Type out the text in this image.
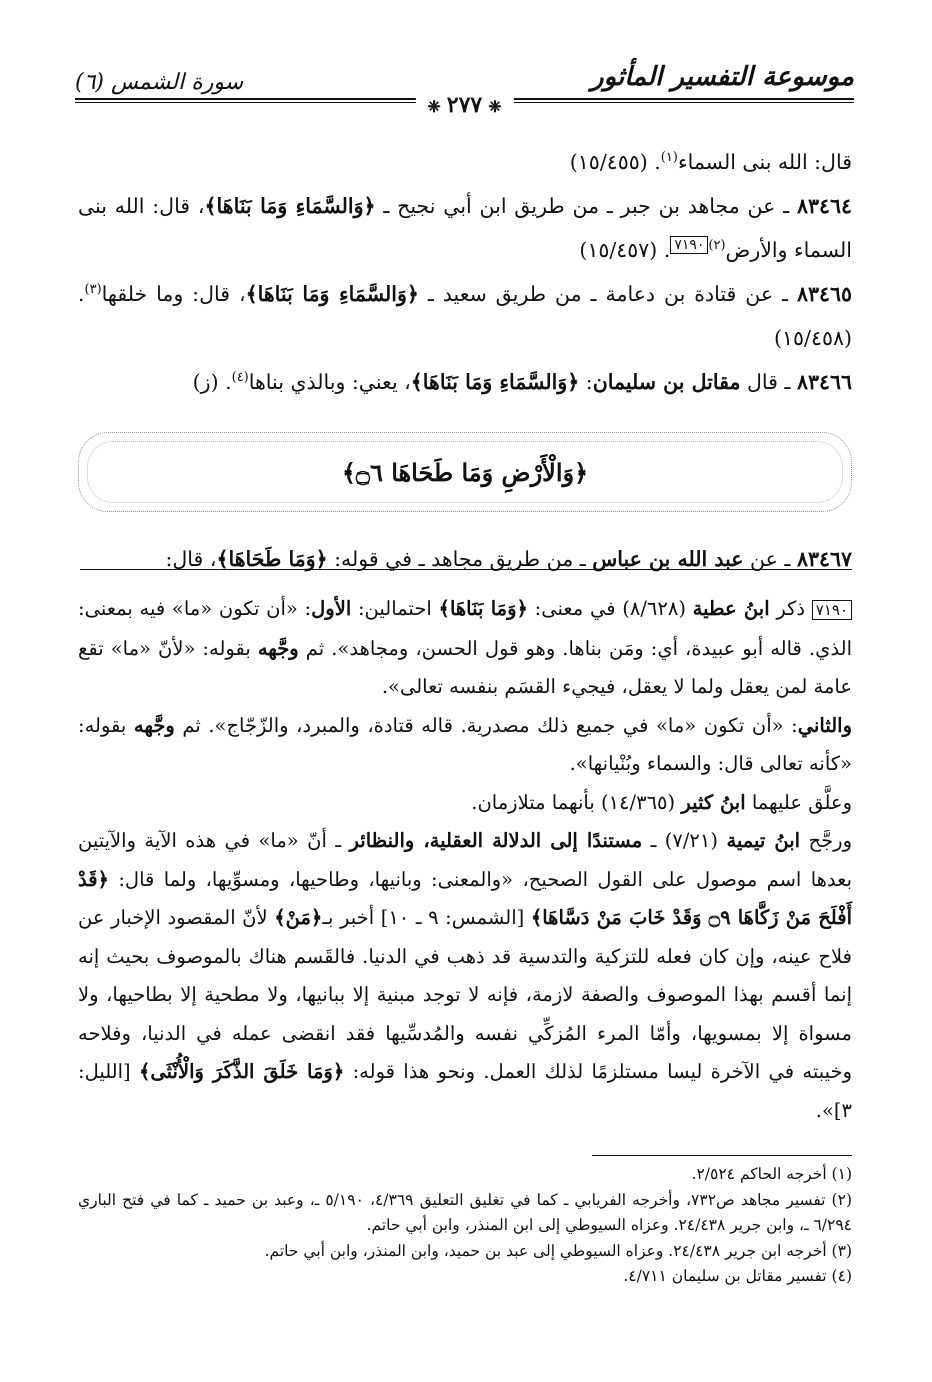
موسوعة التفسير المأثور
سورة الشمس (٦)
❈ ٢٧٧ ❈

قال: الله بنى السماء$^{(١)}$. (١٥/٤٥٥)

٨٣٤٦٤ ـ عن مجاهد بن جبر ـ من طريق ابن أبي نجيح ـ ﴿وَالسَّمَاءِ وَمَا بَنَاهَا﴾، قال: الله بنى السماء والأرض$^{(٢)٧١٩٠}$. (١٥/٤٥٧)

٨٣٤٦٥ ـ عن قتادة بن دعامة ـ من طريق سعيد ـ ﴿وَالسَّمَاءِ وَمَا بَنَاهَا﴾، قال: وما خلقها$^{(٣)}$. (١٥/٤٥٨)

٨٣٤٦٦ ـ قال مقاتل بن سليمان: ﴿وَالسَّمَاءِ وَمَا بَنَاهَا﴾، يعني: وبالذي بناها$^{(٤)}$. (ز)

﴿وَالْأَرْضِ وَمَا طَحَاهَا ۝٦﴾

٨٣٤٦٧ ـ عن عبد الله بن عباس ـ من طريق مجاهد ـ في قوله: ﴿وَمَا طَحَاهَا﴾، قال:

٧١٩٠ ذكر ابنُ عطية (٨/٦٢٨) في معنى: ﴿وَمَا بَنَاهَا﴾ احتمالين: الأول: «أن تكون «ما» فيه بمعنى: الذي. قاله أبو عبيدة، أي: ومَن بناها. وهو قول الحسن، ومجاهد». ثم وجَّهه بقوله: «لأنّ «ما» تقع عامة لمن يعقل ولما لا يعقل، فيجيء القسَم بنفسه تعالى».

والثاني: «أن تكون «ما» في جميع ذلك مصدرية. قاله قتادة، والمبرد، والزّجّاج». ثم وجَّهه بقوله: «كأنه تعالى قال: والسماء وبُنْيانها».

وعلَّق عليهما ابنُ كثير (١٤/٣٦٥) بأنهما متلازمان.

ورجَّح ابنُ تيمية (٧/٢١) ـ مستندًا إلى الدلالة العقلية، والنظائر ـ أنّ «ما» في هذه الآية والآيتين بعدها اسم موصول على القول الصحيح، «والمعنى: وبانيها، وطاحيها، ومسوِّيها، ولما قال: ﴿قَدْ أَفْلَحَ مَنْ زَكَّاهَا ۝٩ وَقَدْ خَابَ مَنْ دَسَّاهَا﴾ [الشمس: ٩ ـ ١٠] أخبر بـ﴿مَنْ﴾ لأنّ المقصود الإخبار عن فلاح عينه، وإن كان فعله للتزكية والتدسية قد ذهب في الدنيا. فالقَسم هناك بالموصوف بحيث إنه إنما أقسم بهذا الموصوف والصفة لازمة، فإنه لا توجد مبنية إلا ببانيها، ولا مطحية إلا بطاحيها، ولا مسواة إلا بمسويها، وأمّا المرء المُزكِّي نفسه والمُدسِّيها فقد انقضى عمله في الدنيا، وفلاحه وخيبته في الآخرة ليسا مستلزمًا لذلك العمل. ونحو هذا قوله: ﴿وَمَا خَلَقَ الذَّكَرَ وَالْأُنْثَى﴾ [الليل: ٣]».

(١) أخرجه الحاكم ٢/٥٢٤.

(٢) تفسير مجاهد ص٧٣٢، وأخرجه الفريابي ـ كما في تغليق التعليق ٤/٣٦٩، ٥/١٩٠ ـ، وعبد بن حميد ـ كما في فتح الباري ٦/٢٩٤ ـ، وابن جرير ٢٤/٤٣٨. وعزاه السيوطي إلى ابن المنذر، وابن أبي حاتم.

(٣) أخرجه ابن جرير ٢٤/٤٣٨. وعزاه السيوطي إلى عبد بن حميد، وابن المنذر، وابن أبي حاتم.

(٤) تفسير مقاتل بن سليمان ٤/٧١١.
